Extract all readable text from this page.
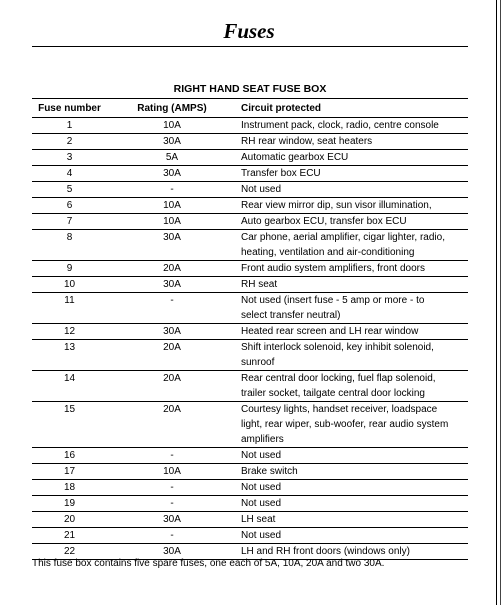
Fuses
RIGHT HAND SEAT FUSE BOX
Fuse number	Rating (AMPS)	Circuit protected
1	10A	Instrument pack, clock, radio, centre console

2	30A	RH rear window, seat heaters

3	5A	Automatic gearbox ECU

4	30A	Transfer box ECU

5	-	Not used

6	10A	Rear view mirror dip, sun visor illumination,

7	10A	Auto gearbox ECU, transfer box ECU

8	30A	Car phone, aerial amplifier, cigar lighter, radio,
heating, ventilation and air-conditioning

9	20A	Front audio system amplifiers, front doors

10	30A	RH seat

11	-	Not used (insert fuse - 5 amp or more - to
select transfer neutral)

12	30A	Heated rear screen and LH rear window

13	20A	Shift interlock solenoid, key inhibit solenoid,
sunroof

14	20A	Rear central door locking, fuel flap solenoid,
trailer socket, tailgate central door locking

15	20A	Courtesy lights, handset receiver, loadspace
light, rear wiper, sub-woofer, rear audio system
amplifiers

16	-	Not used

17	10A	Brake switch

18	-	Not used

19	-	Not used

20	30A	LH seat

21	-	Not used

22	30A	LH and RH front doors (windows only)
This fuse box contains five spare fuses, one each of 5A, 10A, 20A and two 30A.
